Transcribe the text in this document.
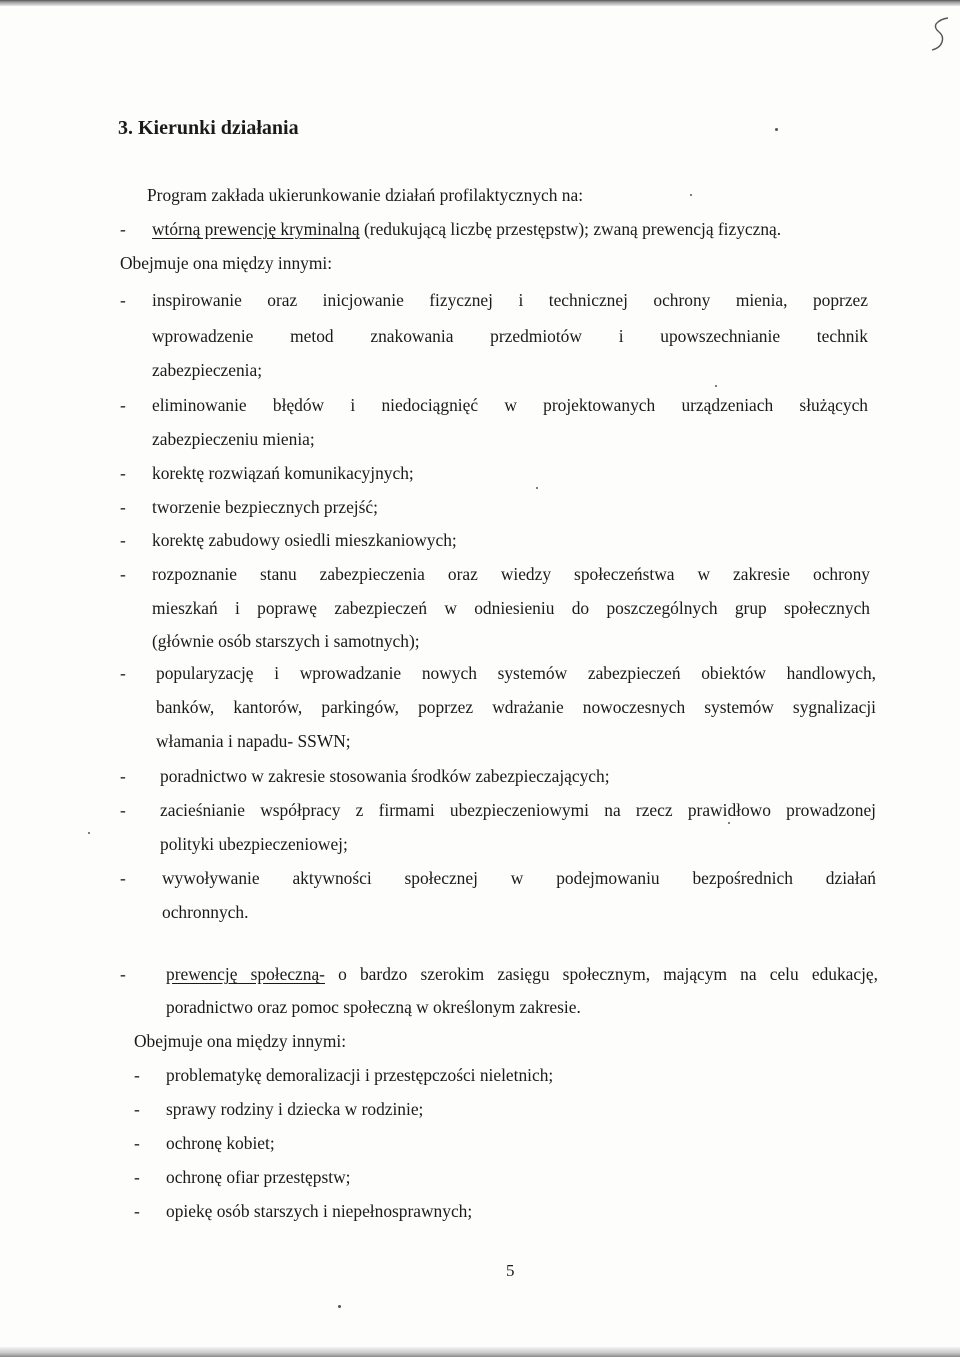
3. Kierunki działania
Program zakłada ukierunkowanie działań profilaktycznych na:
- wtórną prewencję kryminalną (redukującą liczbę przestępstw); zwaną prewencją fizyczną.
Obejmuje ona między innymi:
- inspirowanie oraz inicjowanie fizycznej i technicznej ochrony mienia, poprzez
wprowadzenie metod znakowania przedmiotów i upowszechnianie technik
zabezpieczenia;
- eliminowanie błędów i niedociągnięć w projektowanych urządzeniach służących
zabezpieczeniu mienia;
- korektę rozwiązań komunikacyjnych;
- tworzenie bezpiecznych przejść;
- korektę zabudowy osiedli mieszkaniowych;
- rozpoznanie stanu zabezpieczenia oraz wiedzy społeczeństwa w zakresie ochrony
mieszkań i poprawę zabezpieczeń w odniesieniu do poszczególnych grup społecznych
(głównie osób starszych i samotnych);
- popularyzację i wprowadzanie nowych systemów zabezpieczeń obiektów handlowych,
banków, kantorów, parkingów, poprzez wdrażanie nowoczesnych systemów sygnalizacji
włamania i napadu- SSWN;
- poradnictwo w zakresie stosowania środków zabezpieczających;
- zacieśnianie współpracy z firmami ubezpieczeniowymi na rzecz prawidłowo prowadzonej
polityki ubezpieczeniowej;
- wywoływanie aktywności społecznej w podejmowaniu bezpośrednich działań
ochronnych.
- prewencję społeczną- o bardzo szerokim zasięgu społecznym, mającym na celu edukację,
poradnictwo oraz pomoc społeczną w określonym zakresie.
Obejmuje ona między innymi:
- problematykę demoralizacji i przestępczości nieletnich;
- sprawy rodziny i dziecka w rodzinie;
- ochronę kobiet;
- ochronę ofiar przestępstw;
- opiekę osób starszych i niepełnosprawnych;
5
